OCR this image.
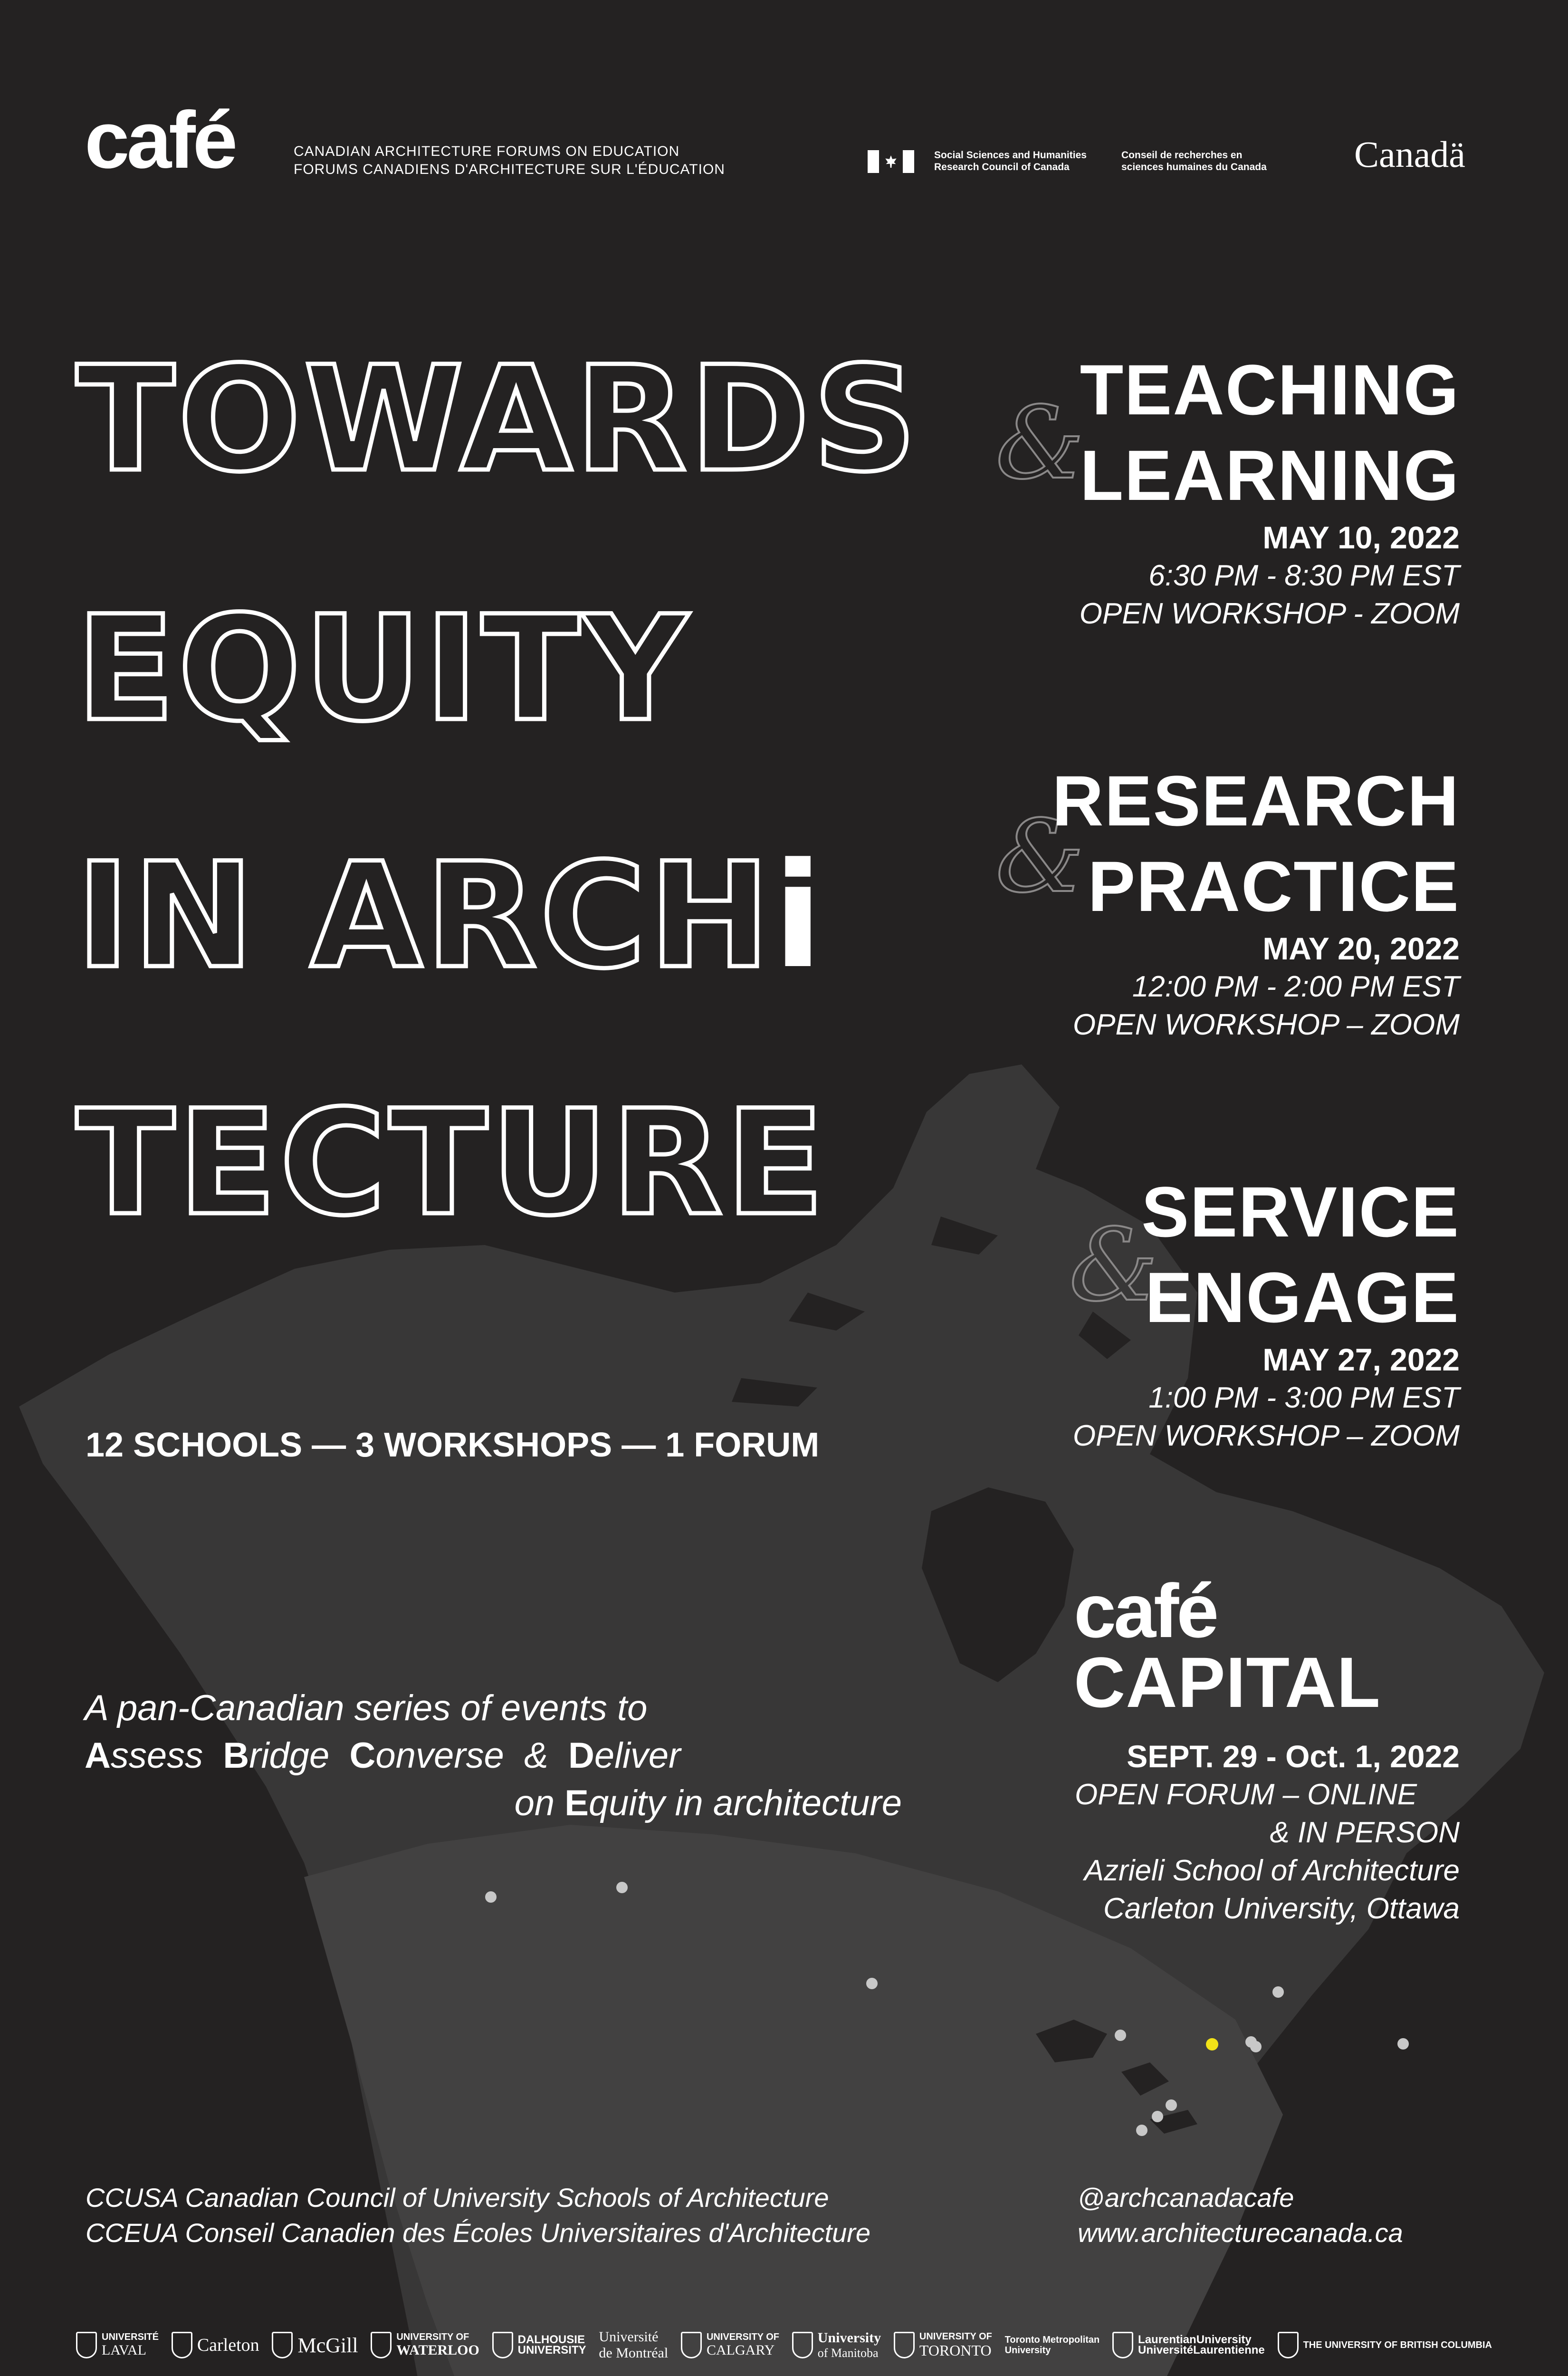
café	CANADIAN ARCHITECTURE FORUMS ON EDUCATION
FORUMS CANADIENS D'ARCHITECTURE SUR L'ÉDUCATION
Social Sciences and Humanities
Research Council of Canada
Conseil de recherches en
sciences humaines du Canada Canadä
TOWARDS
EQUITY
IN ARCHi
TECTURE
&
TEACHING
LEARNING
MAY 10, 2022
6:30 PM - 8:30 PM EST
OPEN WORKSHOP - ZOOM
&
RESEARCH
PRACTICE
MAY 20, 2022
12:00 PM - 2:00 PM EST
OPEN WORKSHOP – ZOOM
&
SERVICE
ENGAGE
MAY 27, 2022
1:00 PM - 3:00 PM EST
OPEN WORKSHOP – ZOOM
café
CAPITAL
SEPT. 29 - Oct. 1, 2022
OPEN FORUM – ONLINE
& IN PERSON
Azrieli School of Architecture
Carleton University, Ottawa
12 SCHOOLS — 3 WORKSHOPS — 1 FORUM
A pan-Canadian series of events to
Assess Bridge Converse & Deliver
on Equity in architecture
CCUSA Canadian Council of University Schools of Architecture
CCEUA Conseil Canadien des Écoles Universitaires d'Architecture
@archcanadacafe
www.architecturecanada.ca
UNIVERSITÉ
LAVAL	Carleton McGill	UNIVERSITY OF
WATERLOO
DALHOUSIE
UNIVERSITY
Université
de Montréal
UNIVERSITY OF
CALGARY
University
of Manitoba
UNIVERSITY OF
TORONTO
Toronto Metropolitan
University
LaurentianUniversity
UniversitéLaurentienne	THE UNIVERSITY OF BRITISH COLUMBIA
